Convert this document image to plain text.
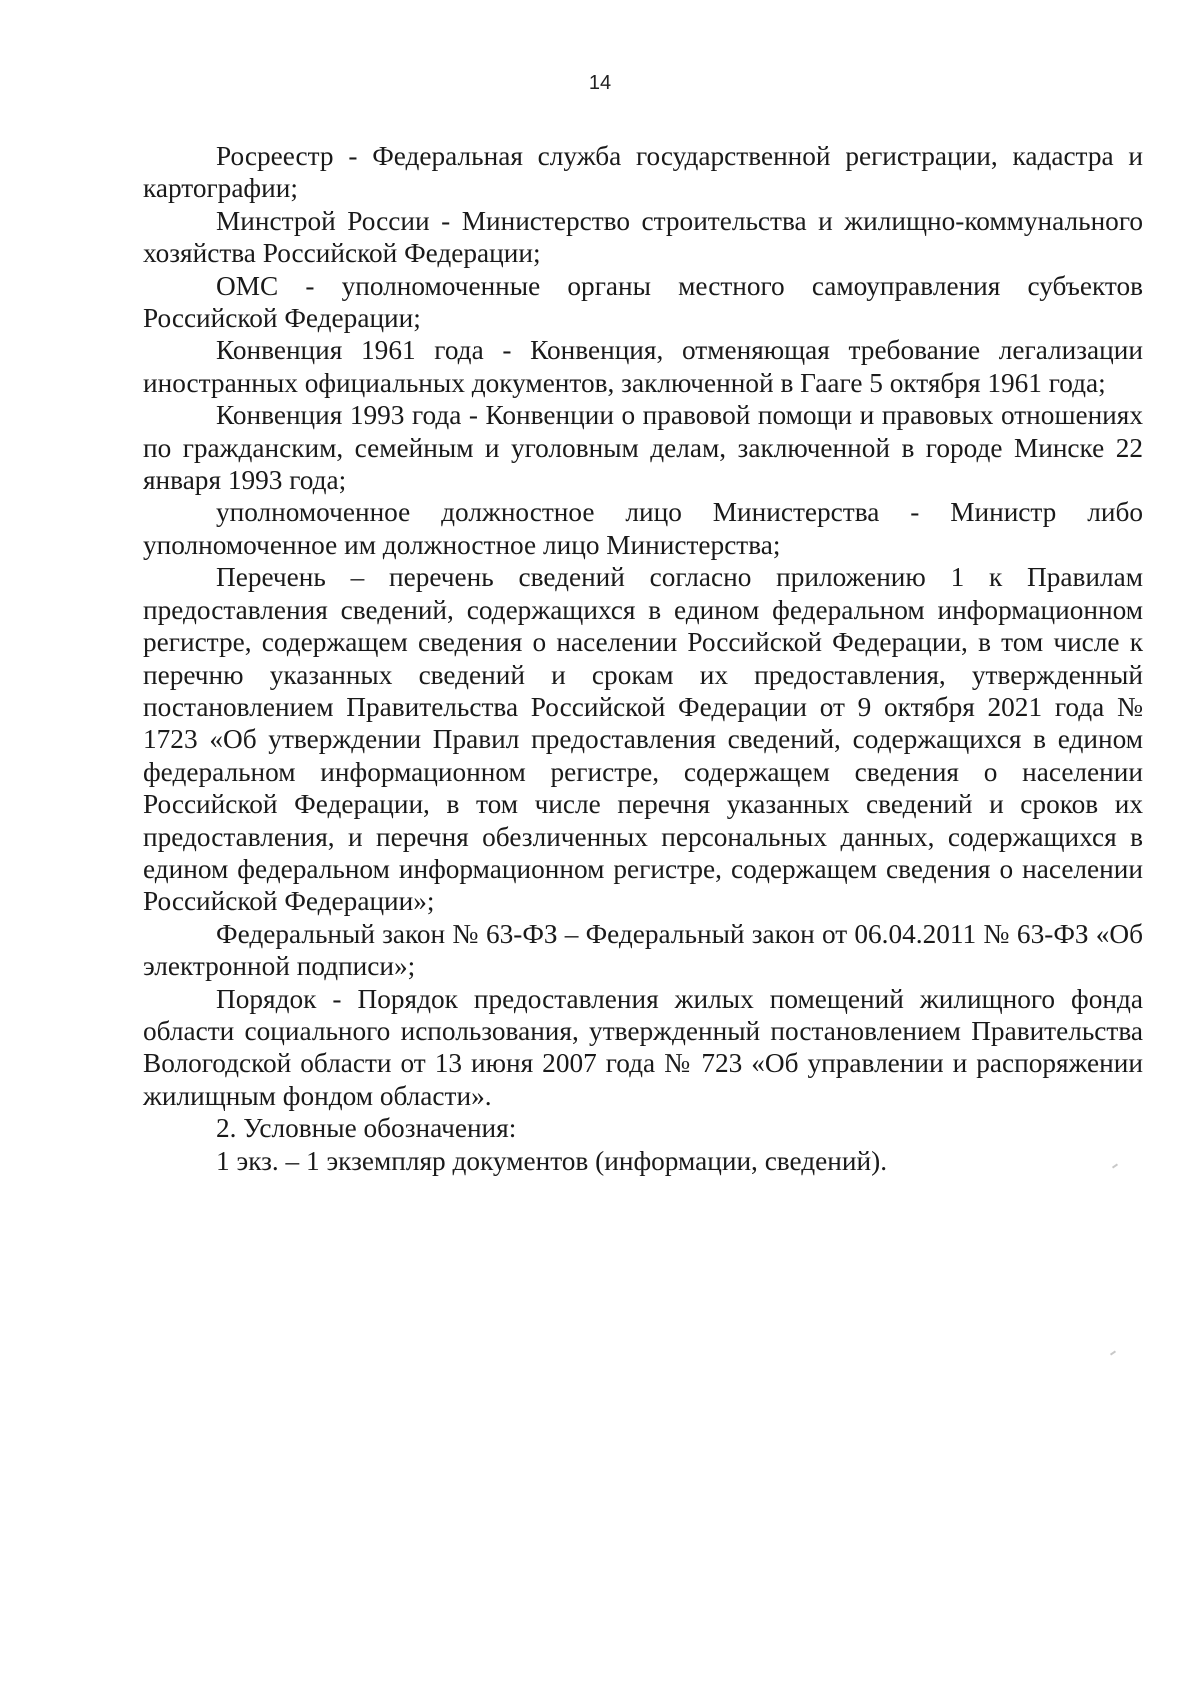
14

Росреестр - Федеральная служба государственной регистрации, кадастра и картографии;

Минстрой России - Министерство строительства и жилищно-коммунального хозяйства Российской Федерации;

ОМС - уполномоченные органы местного самоуправления субъектов Российской Федерации;

Конвенция 1961 года - Конвенция, отменяющая требование легализации иностранных официальных документов, заключенной в Гааге 5 октября 1961 года;

Конвенция 1993 года - Конвенции о правовой помощи и правовых отношениях по гражданским, семейным и уголовным делам, заключенной в городе Минске 22 января 1993 года;

уполномоченное должностное лицо Министерства - Министр либо уполномоченное им должностное лицо Министерства;

Перечень – перечень сведений согласно приложению 1 к Правилам предоставления сведений, содержащихся в едином федеральном информационном регистре, содержащем сведения о населении Российской Федерации, в том числе к перечню указанных сведений и срокам их предоставления, утвержденный постановлением Правительства Российской Федерации от 9 октября 2021 года № 1723 «Об утверждении Правил предоставления сведений, содержащихся в едином федеральном информационном регистре, содержащем сведения о населении Российской Федерации, в том числе перечня указанных сведений и сроков их предоставления, и перечня обезличенных персональных данных, содержащихся в едином федеральном информационном регистре, содержащем сведения о населении Российской Федерации»;

Федеральный закон № 63-ФЗ – Федеральный закон от 06.04.2011 № 63-ФЗ «Об электронной подписи»;

Порядок - Порядок предоставления жилых помещений жилищного фонда области социального использования, утвержденный постановлением Правительства Вологодской области от 13 июня 2007 года № 723 «Об управлении и распоряжении жилищным фондом области».

2. Условные обозначения:

1 экз. – 1 экземпляр документов (информации, сведений).
